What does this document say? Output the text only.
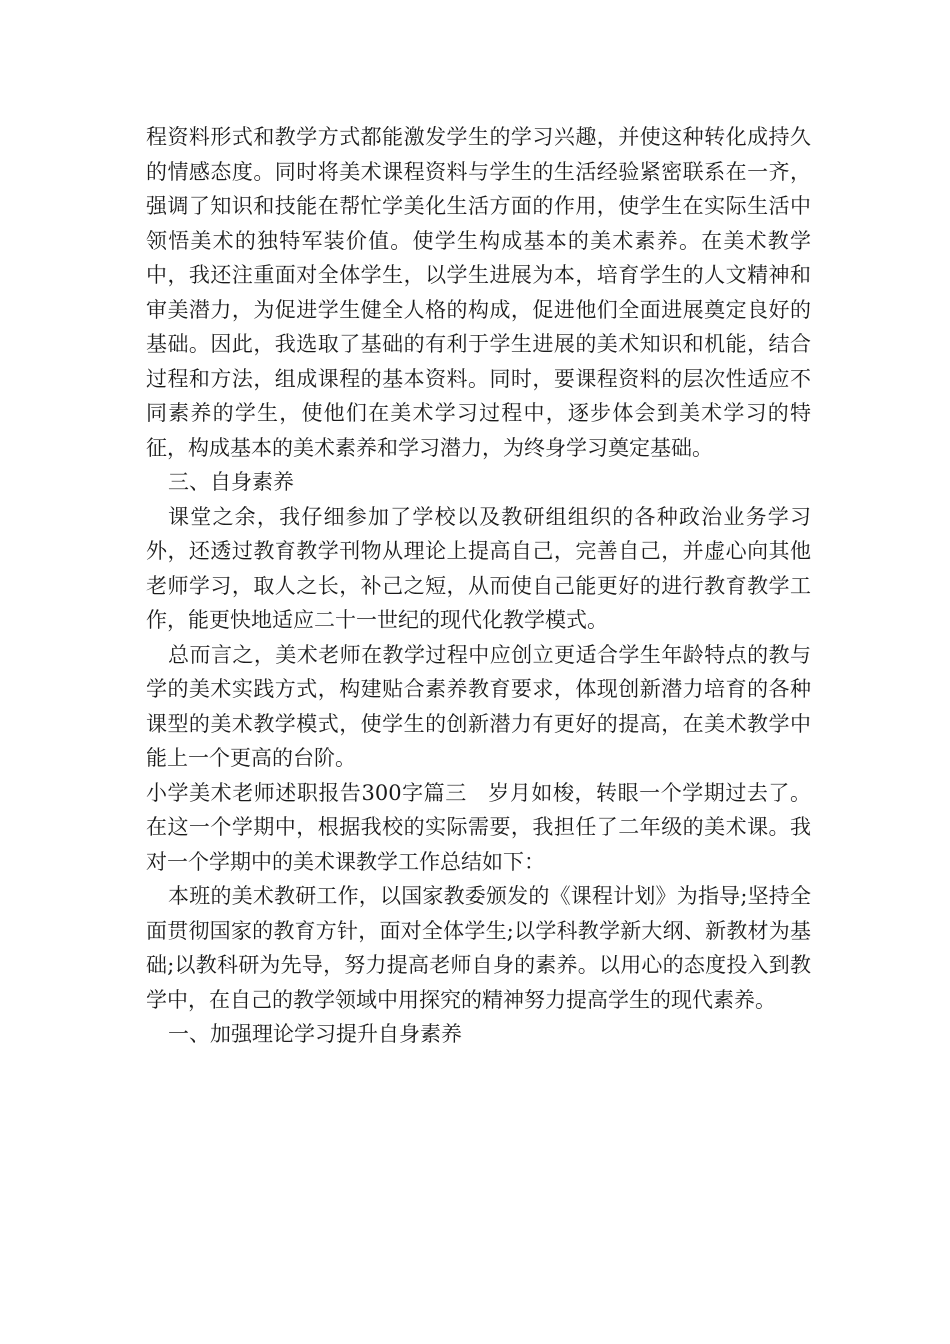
程资料形式和教学方式都能激发学生的学习兴趣，并使这种转化成持久的情感态度。同时将美术课程资料与学生的生活经验紧密联系在一齐，强调了知识和技能在帮忙学美化生活方面的作用，使学生在实际生活中领悟美术的独特军装价值。使学生构成基本的美术素养。在美术教学中，我还注重面对全体学生，以学生进展为本，培育学生的人文精神和审美潜力，为促进学生健全人格的构成，促进他们全面进展奠定良好的基础。因此，我选取了基础的有利于学生进展的美术知识和机能，结合过程和方法，组成课程的基本资料。同时，要课程资料的层次性适应不同素养的学生，使他们在美术学习过程中，逐步体会到美术学习的特征，构成基本的美术素养和学习潜力，为终身学习奠定基础。

三、自身素养

课堂之余，我仔细参加了学校以及教研组组织的各种政治业务学习外，还透过教育教学刊物从理论上提高自己，完善自己，并虚心向其他老师学习，取人之长，补己之短，从而使自己能更好的进行教育教学工作，能更快地适应二十一世纪的现代化教学模式。

总而言之，美术老师在教学过程中应创立更适合学生年龄特点的教与学的美术实践方式，构建贴合素养教育要求，体现创新潜力培育的各种课型的美术教学模式，使学生的创新潜力有更好的提高，在美术教学中能上一个更高的台阶。

小学美术老师述职报告300字篇三　岁月如梭，转眼一个学期过去了。在这一个学期中，根据我校的实际需要，我担任了二年级的美术课。我对一个学期中的美术课教学工作总结如下：

本班的美术教研工作，以国家教委颁发的《课程计划》为指导;坚持全面贯彻国家的教育方针，面对全体学生;以学科教学新大纲、新教材为基础;以教科研为先导，努力提高老师自身的素养。以用心的态度投入到教学中，在自己的教学领域中用探究的精神努力提高学生的现代素养。

一、加强理论学习提升自身素养
